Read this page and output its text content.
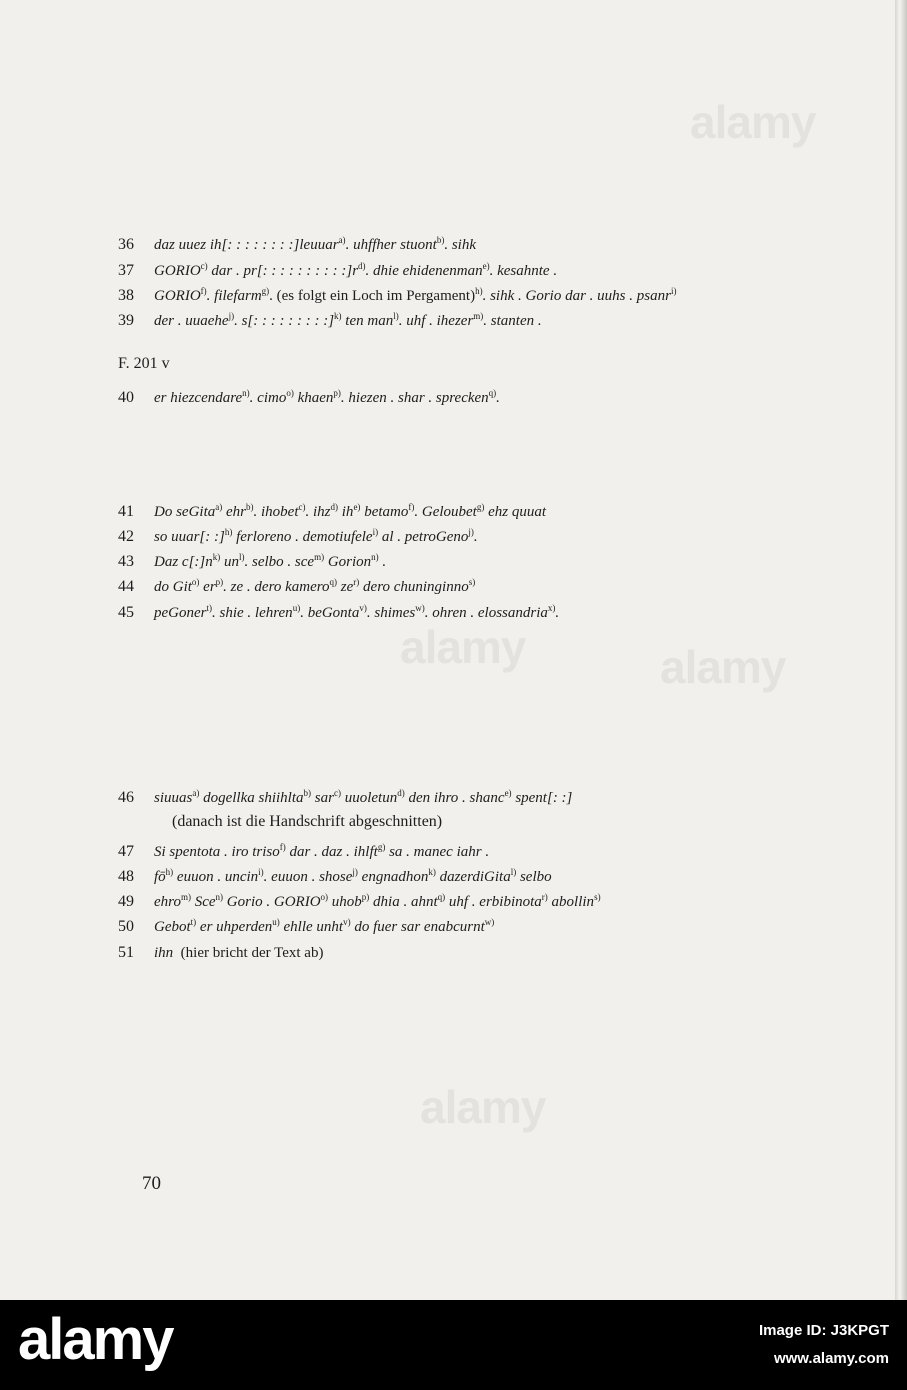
alamy
alamy	alamy
alamy
36 daz uuez ih[: : : : : : : :]leuuar$^{a)}$. uhffher stuont$^{b)}$. sihk
37 GORIO$^{c)}$ dar . pr[: : : : : : : : : $:]r^{d)}$. dhie ehidenenman$^{e)}$. kesahnte .
38 GORIO$^{f)}$. filefarm$^{g)}$. (es folgt ein Loch im Pergament)$^{h)}$. sihk . Gorio dar . uuhs . psanr$^{i)}$
39 der . uuaehe$^{j)}$. s[: : : : : : : : :]$^{k)}$ ten man$^{l)}$. uhf . ihezer$^{m)}$. stanten .
F. 201 v
40 er hiezcendare$^{n)}$. cimo$^{o)}$ khaen$^{p)}$. hiezen . shar . sprecken$^{q)}$.
41 Do seGita$^{a)}$ ehr$^{b)}$. ihobet$^{c)}$. ihz$^{d)}$ $ih^{e)}$ betamo$^{f)}$. Geloubet$^{g)}$ ehz quuat
42 so uuar[: :]$^{h)}$ ferloreno . demotiufele$^{i)}$ al . petroGeno$^{j)}$.
43 Daz $c[:]n^{k)}$ $un^{l)}$. selbo . sce$^{m)}$ Gorion$^{n)}$ .
44 do Git$^{o)}$ $er^{p)}$. ze . dero kamero$^{q)}$ $ze^{r)}$ dero chuninginno$^{s)}$
45 peGoner$^{t)}$. shie . lehren$^{u)}$. beGonta$^{v)}$. shimes$^{w)}$. ohren . elossandria$^{x)}$.
46 siuuas$^{a)}$ dogellka shiihlta$^{b)}$ sar$^{c)}$ uuoletun$^{d)}$ den ihro . shanc$^{e)}$ spent[: :]
(danach ist die Handschrift abgeschnitten)
47 Si spentota . iro triso$^{f)}$ dar . daz . ihlft$^{g)}$ sa . manec iahr .
48 $fō^{h)}$ euuon . uncin$^{i)}$. euuon . shose$^{j)}$ engnadhon$^{k)}$ dazerdiGita$^{l)}$ selbo
49 ehro$^{m)}$ Sce$^{n)}$ Gorio . GORIO$^{o)}$ uhob$^{p)}$ dhia . ahnt$^{q)}$ uhf . erbibinota$^{r)}$ abollin$^{s)}$
50 Gebot$^{t)}$ er uhperden$^{u)}$ ehlle unht$^{v)}$ do fuer sar enabcurnt$^{w)}$
51 ihn  (hier bricht der Text ab)
70
alamy	Image ID: J3KPGT
www.alamy.com
